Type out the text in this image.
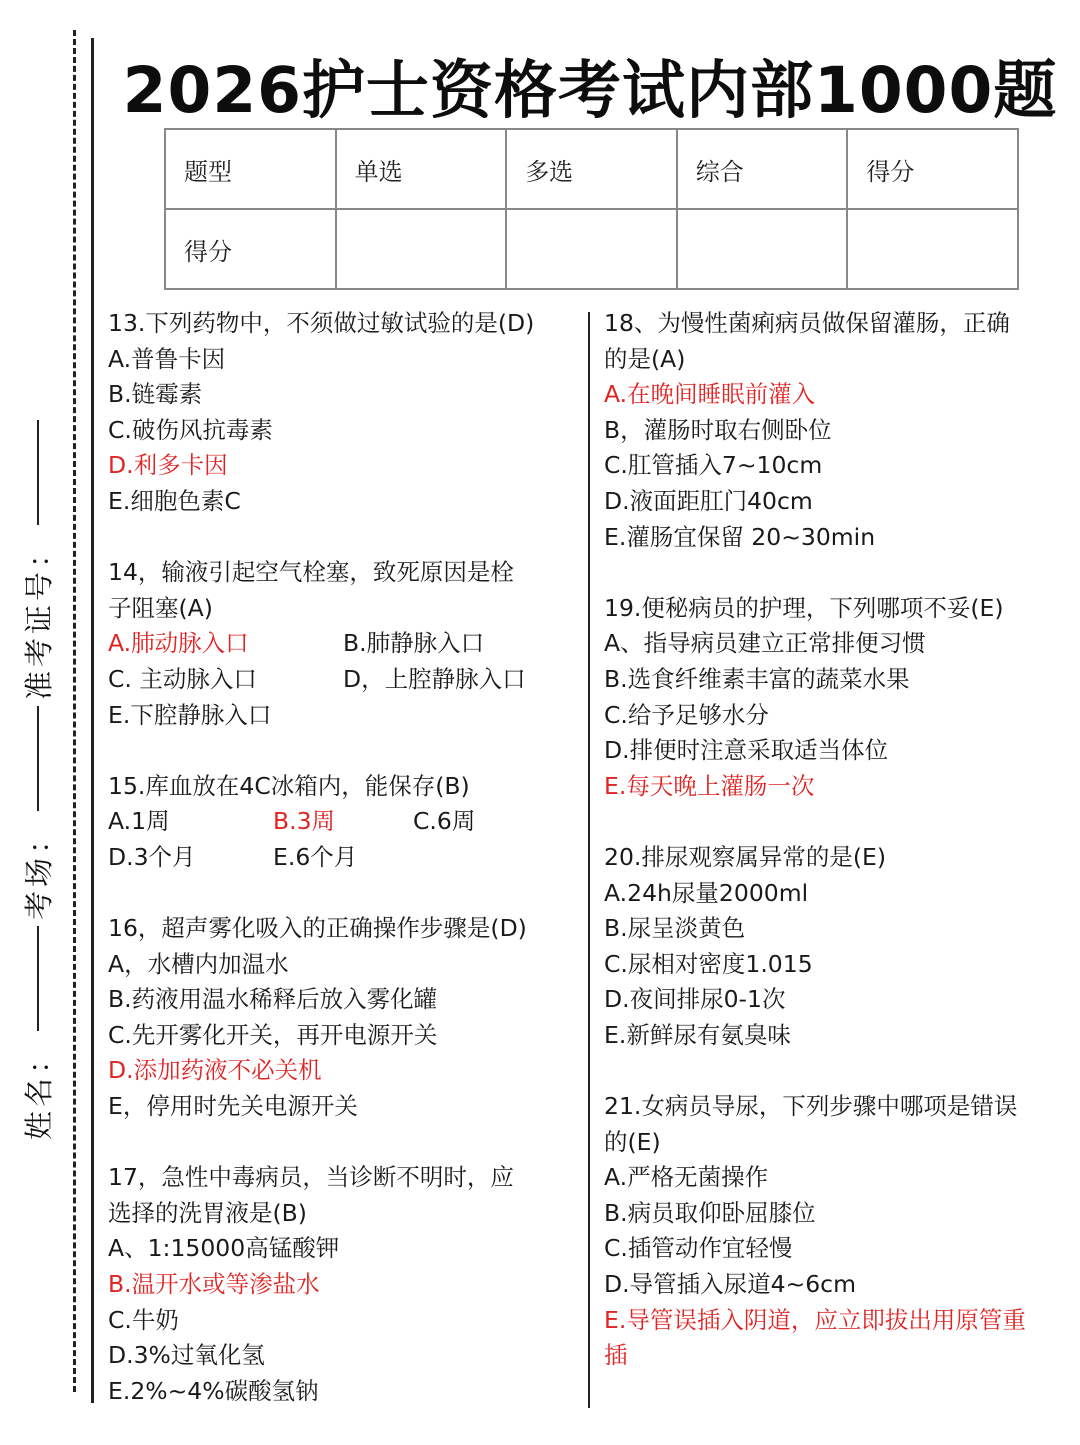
姓名：
考场：
准考证号：
2026护士资格考试内部1000题
题型	单选	多选	综合	得分
得分				
13.下列药物中，不须做过敏试验的是(D)
A.普鲁卡因
B.链霉素
C.破伤风抗毒素
D.利多卡因
E.细胞色素C
14，输液引起空气栓塞，致死原因是栓
子阻塞(A)
A.肺动脉入口	B.肺静脉入口
C. 主动脉入口	D，上腔静脉入口
E.下腔静脉入口
15.库血放在4C冰箱内，能保存(B)
A.1周	B.3周	C.6周
D.3个月	E.6个月
16，超声雾化吸入的正确操作步骤是(D)
A，水槽内加温水
B.药液用温水稀释后放入雾化罐
C.先开雾化开关，再开电源开关
D.添加药液不必关机
E，停用时先关电源开关
17，急性中毒病员，当诊断不明时，应
选择的洗胃液是(B)
A、1:15000高锰酸钾
B.温开水或等渗盐水
C.牛奶
D.3%过氧化氢
E.2%~4%碳酸氢钠
18、为慢性菌痢病员做保留灌肠，正确
的是(A)
A.在晚间睡眠前灌入
B，灌肠时取右侧卧位
C.肛管插入7~10cm
D.液面距肛门40cm
E.灌肠宜保留 20~30min
19.便秘病员的护理，下列哪项不妥(E)
A、指导病员建立正常排便习惯
B.选食纤维素丰富的蔬菜水果
C.给予足够水分
D.排便时注意采取适当体位
E.每天晚上灌肠一次
20.排尿观察属异常的是(E)
A.24h尿量2000ml
B.尿呈淡黄色
C.尿相对密度1.015
D.夜间排尿0-1次
E.新鲜尿有氨臭味
21.女病员导尿，下列步骤中哪项是错误
的(E)
A.严格无菌操作
B.病员取仰卧屈膝位
C.插管动作宜轻慢
D.导管插入尿道4~6cm
E.导管误插入阴道，应立即拔出用原管重
插
